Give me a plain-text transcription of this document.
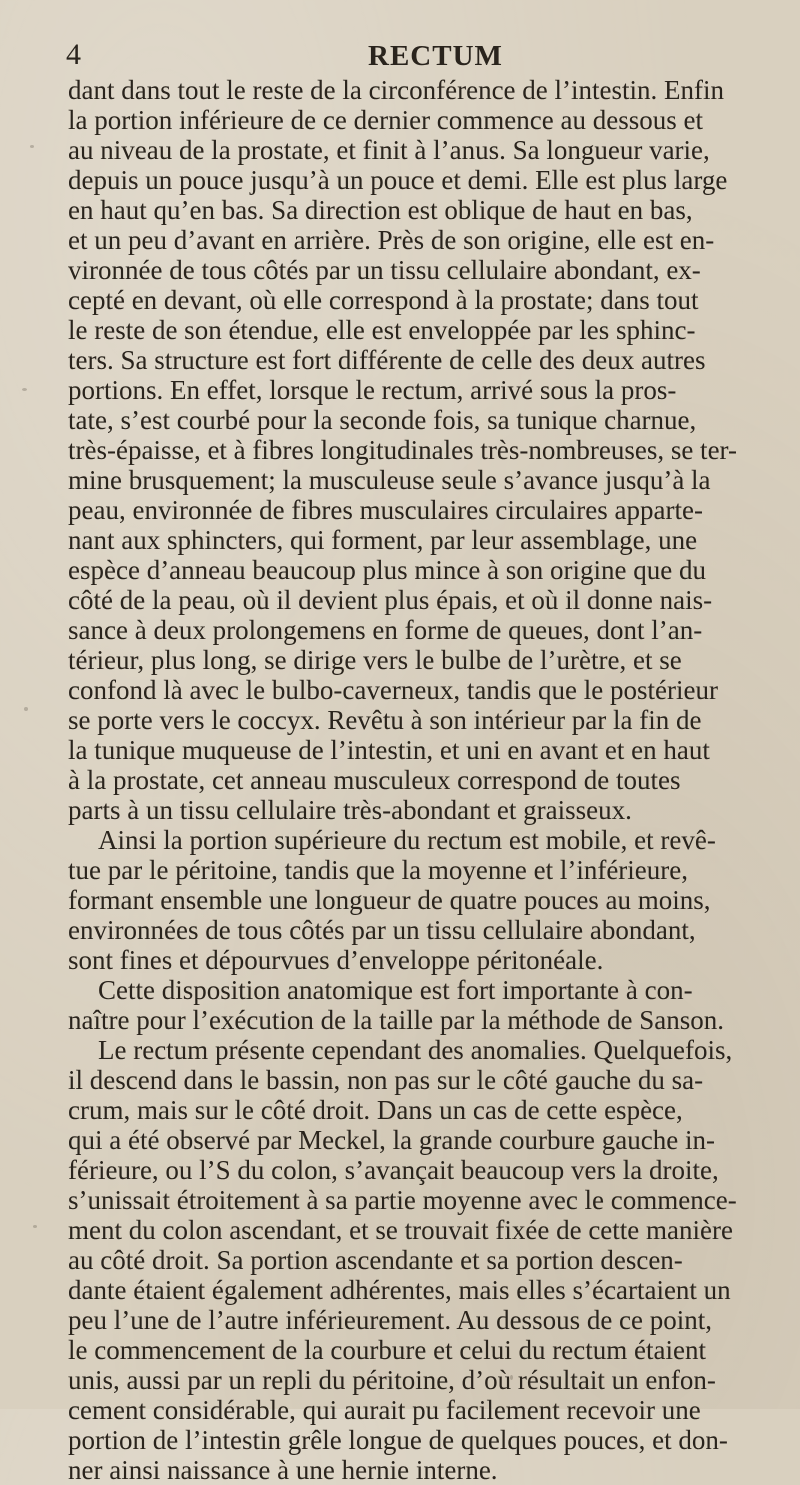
4	RECTUM
dant dans tout le reste de la circonférence de l’intestin. Enfin
la portion inférieure de ce dernier commence au dessous et
au niveau de la prostate, et finit à l’anus. Sa longueur varie,
depuis un pouce jusqu’à un pouce et demi. Elle est plus large
en haut qu’en bas. Sa direction est oblique de haut en bas,
et un peu d’avant en arrière. Près de son origine, elle est en-
vironnée de tous côtés par un tissu cellulaire abondant, ex-
cepté en devant, où elle correspond à la prostate; dans tout
le reste de son étendue, elle est enveloppée par les sphinc-
ters. Sa structure est fort différente de celle des deux autres
portions. En effet, lorsque le rectum, arrivé sous la pros-
tate, s’est courbé pour la seconde fois, sa tunique charnue,
très-épaisse, et à fibres longitudinales très-nombreuses, se ter-
mine brusquement; la musculeuse seule s’avance jusqu’à la
peau, environnée de fibres musculaires circulaires apparte-
nant aux sphincters, qui forment, par leur assemblage, une
espèce d’anneau beaucoup plus mince à son origine que du
côté de la peau, où il devient plus épais, et où il donne nais-
sance à deux prolongemens en forme de queues, dont l’an-
térieur, plus long, se dirige vers le bulbe de l’urètre, et se
confond là avec le bulbo-caverneux, tandis que le postérieur
se porte vers le coccyx. Revêtu à son intérieur par la fin de
la tunique muqueuse de l’intestin, et uni en avant et en haut
à la prostate, cet anneau musculeux correspond de toutes
parts à un tissu cellulaire très-abondant et graisseux.
Ainsi la portion supérieure du rectum est mobile, et revê-
tue par le péritoine, tandis que la moyenne et l’inférieure,
formant ensemble une longueur de quatre pouces au moins,
environnées de tous côtés par un tissu cellulaire abondant,
sont fines et dépourvues d’enveloppe péritonéale.
Cette disposition anatomique est fort importante à con-
naître pour l’exécution de la taille par la méthode de Sanson.
Le rectum présente cependant des anomalies. Quelquefois,
il descend dans le bassin, non pas sur le côté gauche du sa-
crum, mais sur le côté droit. Dans un cas de cette espèce,
qui a été observé par Meckel, la grande courbure gauche in-
férieure, ou l’S du colon, s’avançait beaucoup vers la droite,
s’unissait étroitement à sa partie moyenne avec le commence-
ment du colon ascendant, et se trouvait fixée de cette manière
au côté droit. Sa portion ascendante et sa portion descen-
dante étaient également adhérentes, mais elles s’écartaient un
peu l’une de l’autre inférieurement. Au dessous de ce point,
le commencement de la courbure et celui du rectum étaient
unis, aussi par un repli du péritoine, d’où résultait un enfon-
cement considérable, qui aurait pu facilement recevoir une
portion de l’intestin grêle longue de quelques pouces, et don-
ner ainsi naissance à une hernie interne.
